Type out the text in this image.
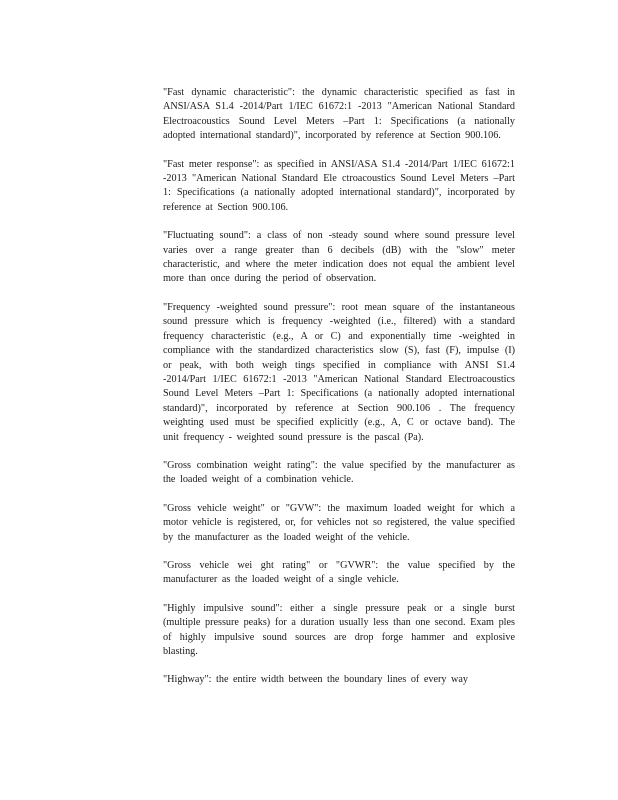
"Fast dynamic characteristic": the dynamic characteristic specified as fast in ANSI/ASA S1.4 -2014/Part 1/IEC 61672:1 -2013 "American National Standard Electroacoustics Sound Level Meters –Part 1: Specifications (a nationally adopted international standard)", incorporated by reference at Section 900.106.

"Fast meter response": as specified in ANSI/ASA S1.4 -2014/Part 1/IEC 61672:1 -2013 "American National Standard Ele ctroacoustics Sound Level Meters –Part 1: Specifications (a nationally adopted international standard)", incorporated by reference at Section 900.106.

"Fluctuating sound": a class of non -steady sound where sound pressure level varies over a range greater than 6 decibels (dB) with the "slow" meter characteristic, and where the meter indication does not equal the ambient level more than once during the period of observation.

"Frequency -weighted sound pressure": root mean square of the instantaneous sound pressure which is frequency -weighted (i.e., filtered) with a standard frequency characteristic (e.g., A or C) and exponentially time -weighted in compliance with the standardized characteristics slow (S), fast (F), impulse (I) or peak, with both weigh tings specified in compliance with ANSI S1.4 -2014/Part 1/IEC 61672:1 -2013 "American National Standard Electroacoustics Sound Level Meters –Part 1: Specifications (a nationally adopted international standard)", incorporated by reference at Section 900.106 . The frequency weighting used must be specified explicitly (e.g., A, C or octave band). The unit frequency - weighted sound pressure is the pascal (Pa).

"Gross combination weight rating": the value specified by the manufacturer as the loaded weight of a combination vehicle.

"Gross vehicle weight" or "GVW": the maximum loaded weight for which a motor vehicle is registered, or, for vehicles not so registered, the value specified by the manufacturer as the loaded weight of the vehicle.

"Gross vehicle wei ght rating" or "GVWR": the value specified by the manufacturer as the loaded weight of a single vehicle.

"Highly impulsive sound": either a single pressure peak or a single burst (multiple pressure peaks) for a duration usually less than one second. Exam ples of highly impulsive sound sources are drop forge hammer and explosive blasting.

"Highway": the entire width between the boundary lines of every way
